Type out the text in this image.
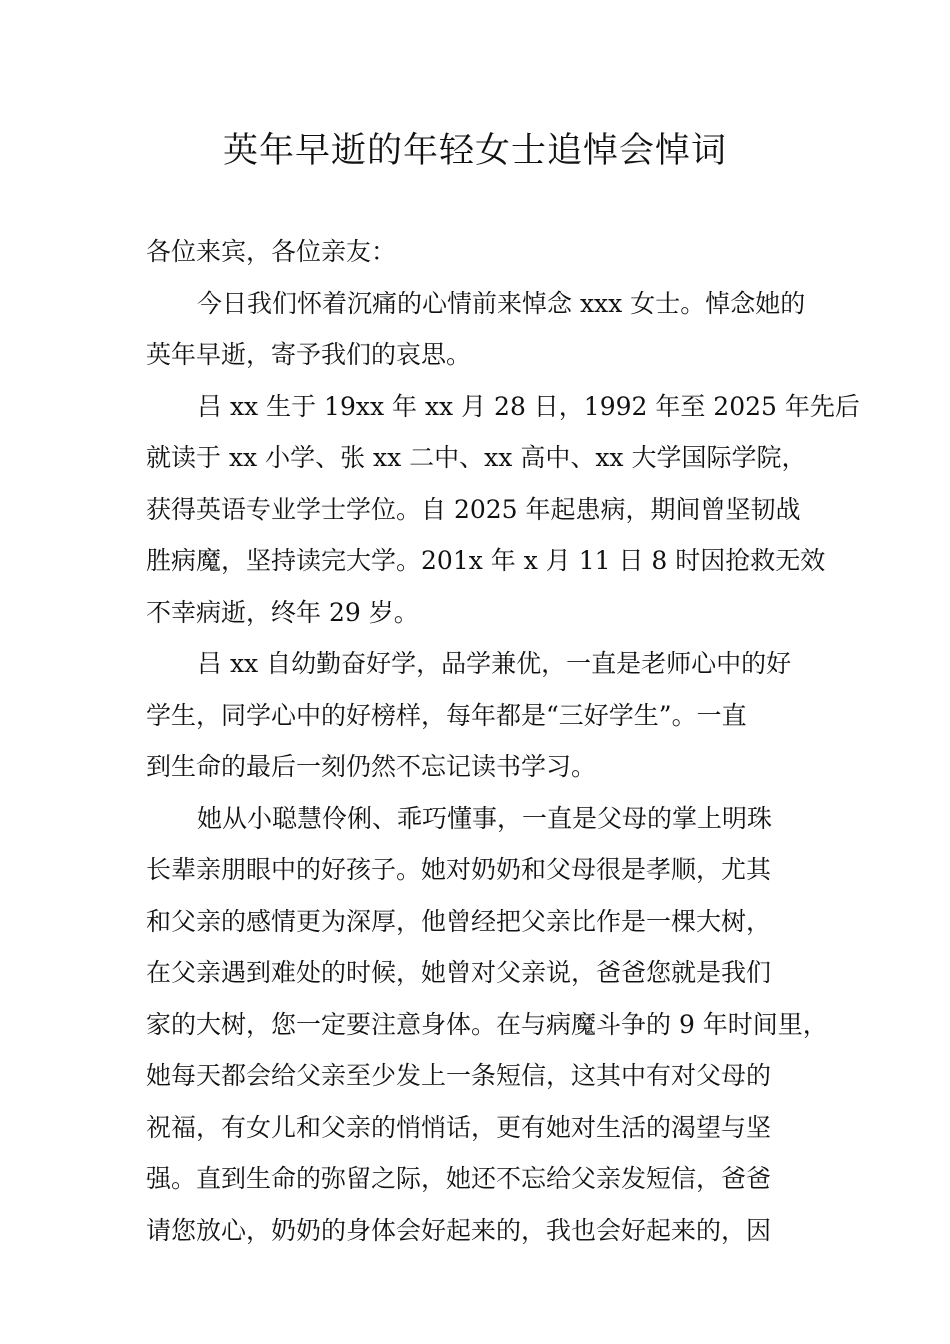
英年早逝的年轻女士追悼会悼词
各位来宾，各位亲友：
今日我们怀着沉痛的心情前来悼念 xxx 女士。悼念她的
英年早逝，寄予我们的哀思。
吕 xx 生于 19xx 年 xx 月 28 日，1992 年至 2025 年先后
就读于 xx 小学、张 xx 二中、xx 高中、xx 大学国际学院，
获得英语专业学士学位。自 2025 年起患病，期间曾坚韧战
胜病魔，坚持读完大学。201x 年 x 月 11 日 8 时因抢救无效
不幸病逝，终年 29 岁。
吕 xx 自幼勤奋好学，品学兼优，一直是老师心中的好
学生，同学心中的好榜样，每年都是“三好学生”。一直
到生命的最后一刻仍然不忘记读书学习。
她从小聪慧伶俐、乖巧懂事，一直是父母的掌上明珠
长辈亲朋眼中的好孩子。她对奶奶和父母很是孝顺，尤其
和父亲的感情更为深厚，他曾经把父亲比作是一棵大树，
在父亲遇到难处的时候，她曾对父亲说，爸爸您就是我们
家的大树，您一定要注意身体。在与病魔斗争的 9 年时间里，
她每天都会给父亲至少发上一条短信，这其中有对父母的
祝福，有女儿和父亲的悄悄话，更有她对生活的渴望与坚
强。直到生命的弥留之际，她还不忘给父亲发短信，爸爸
请您放心，奶奶的身体会好起来的，我也会好起来的，因
